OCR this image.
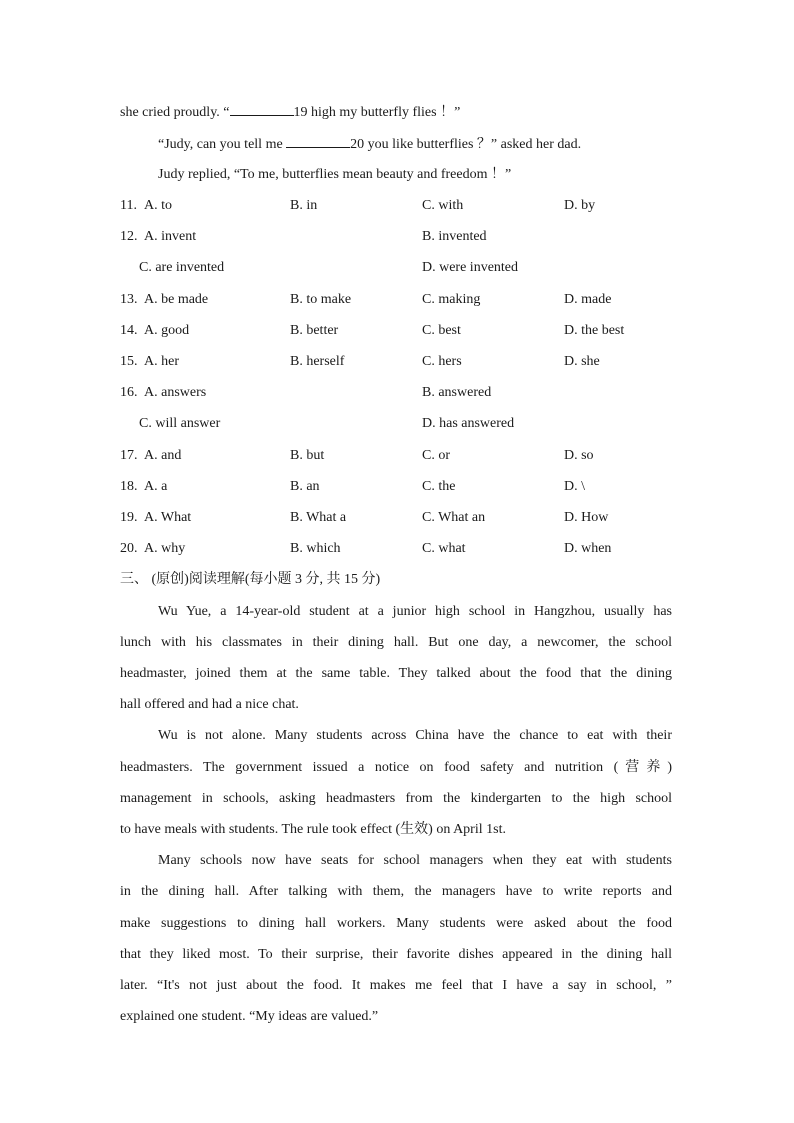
she cried proudly. “	19 high my butterfly flies ！”
“Judy, can you tell me	20 you like butterflies ？” asked her dad.
Judy replied, “To me, butterflies mean beauty and freedom ！”
11. A. to	B. in	C. with	D. by
12. A. invent	B. invented
C. are invented	D. were invented
13. A. be made	B. to make	C. making	D. made
14. A. good	B. better	C. best	D. the best
15. A. her	B. herself	C. hers	D. she
16. A. answers	B. answered
C. will answer	D. has answered
17. A. and	B. but	C. or	D. so
18. A. a	B. an	C. the	D. \
19. A. What	B. What a	C. What an	D. How
20. A. why	B. which	C. what	D. when
三、 (原创)阅读理解(每小题 3 分, 共 15 分)
Wu Yue, a 14-year-old student at a junior high school in Hangzhou, usually has
lunch with his classmates in their dining hall. But one day, a newcomer, the school
headmaster, joined them at the same table. They talked about the food that the dining
hall offered and had a nice chat.
Wu is not alone. Many students across China have the chance to eat with their
headmasters. The government issued a notice on food safety and nutrition (营养)
management in schools, asking headmasters from the kindergarten to the high school
to have meals with students. The rule took effect (生效) on April 1st.
Many schools now have seats for school managers when they eat with students
in the dining hall. After talking with them, the managers have to write reports and
make suggestions to dining hall workers. Many students were asked about the food
that they liked most. To their surprise, their favorite dishes appeared in the dining hall
later. “It's not just about the food. It makes me feel that I have a say in school, ”
explained one student. “My ideas are valued.”
